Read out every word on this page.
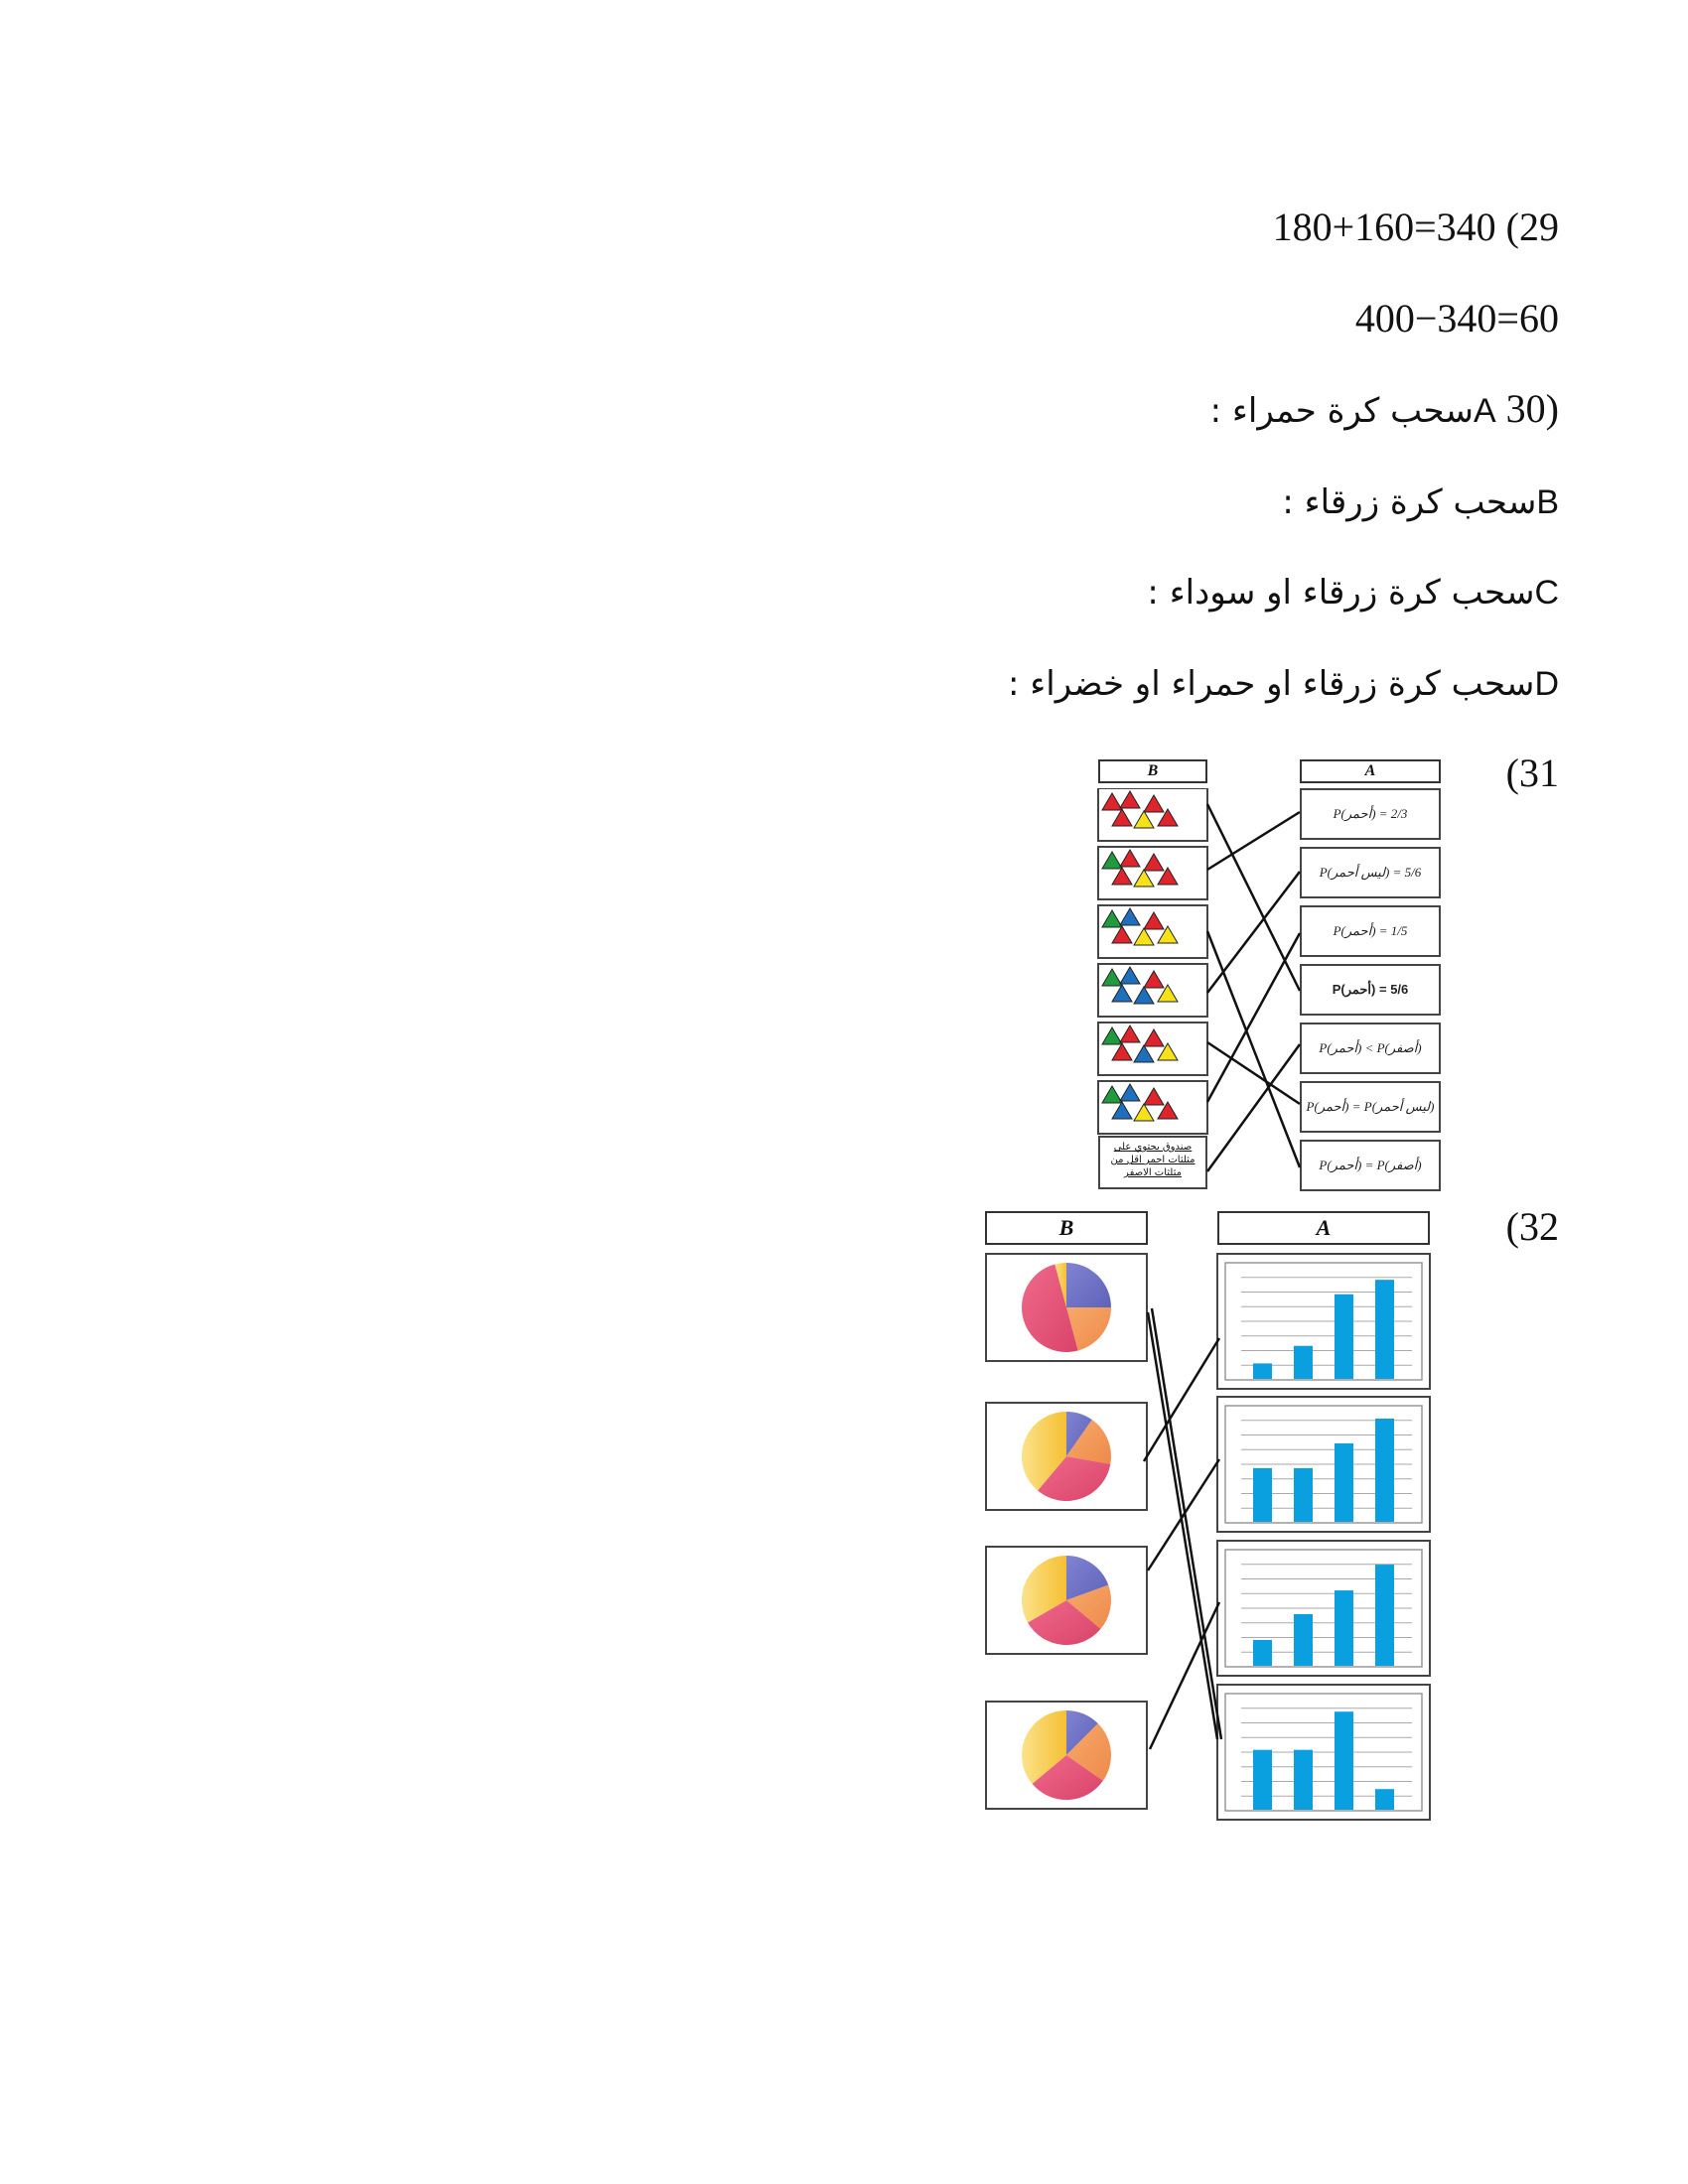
180+160=340 (29
400−340=60
: سحب كرة حمراءA 30)
: سحب كرة زرقاءB
: سحب كرة زرقاء او سوداءC
: سحب كرة زرقاء او حمراء او خضراءD
(31
B	A
صندوق يحتوي على مثلثات احمر اقل من مثلثات الاصفر
P(أحمر) = 2/3
P(ليس أحمر) = 5/6
P(أحمر) = 1/5
P(أحمر) = 5/6
P(أحمر) < P(أصفر)
P(أحمر) = P(ليس أحمر)
P(أحمر) = P(أصفر)
(32
B	A
